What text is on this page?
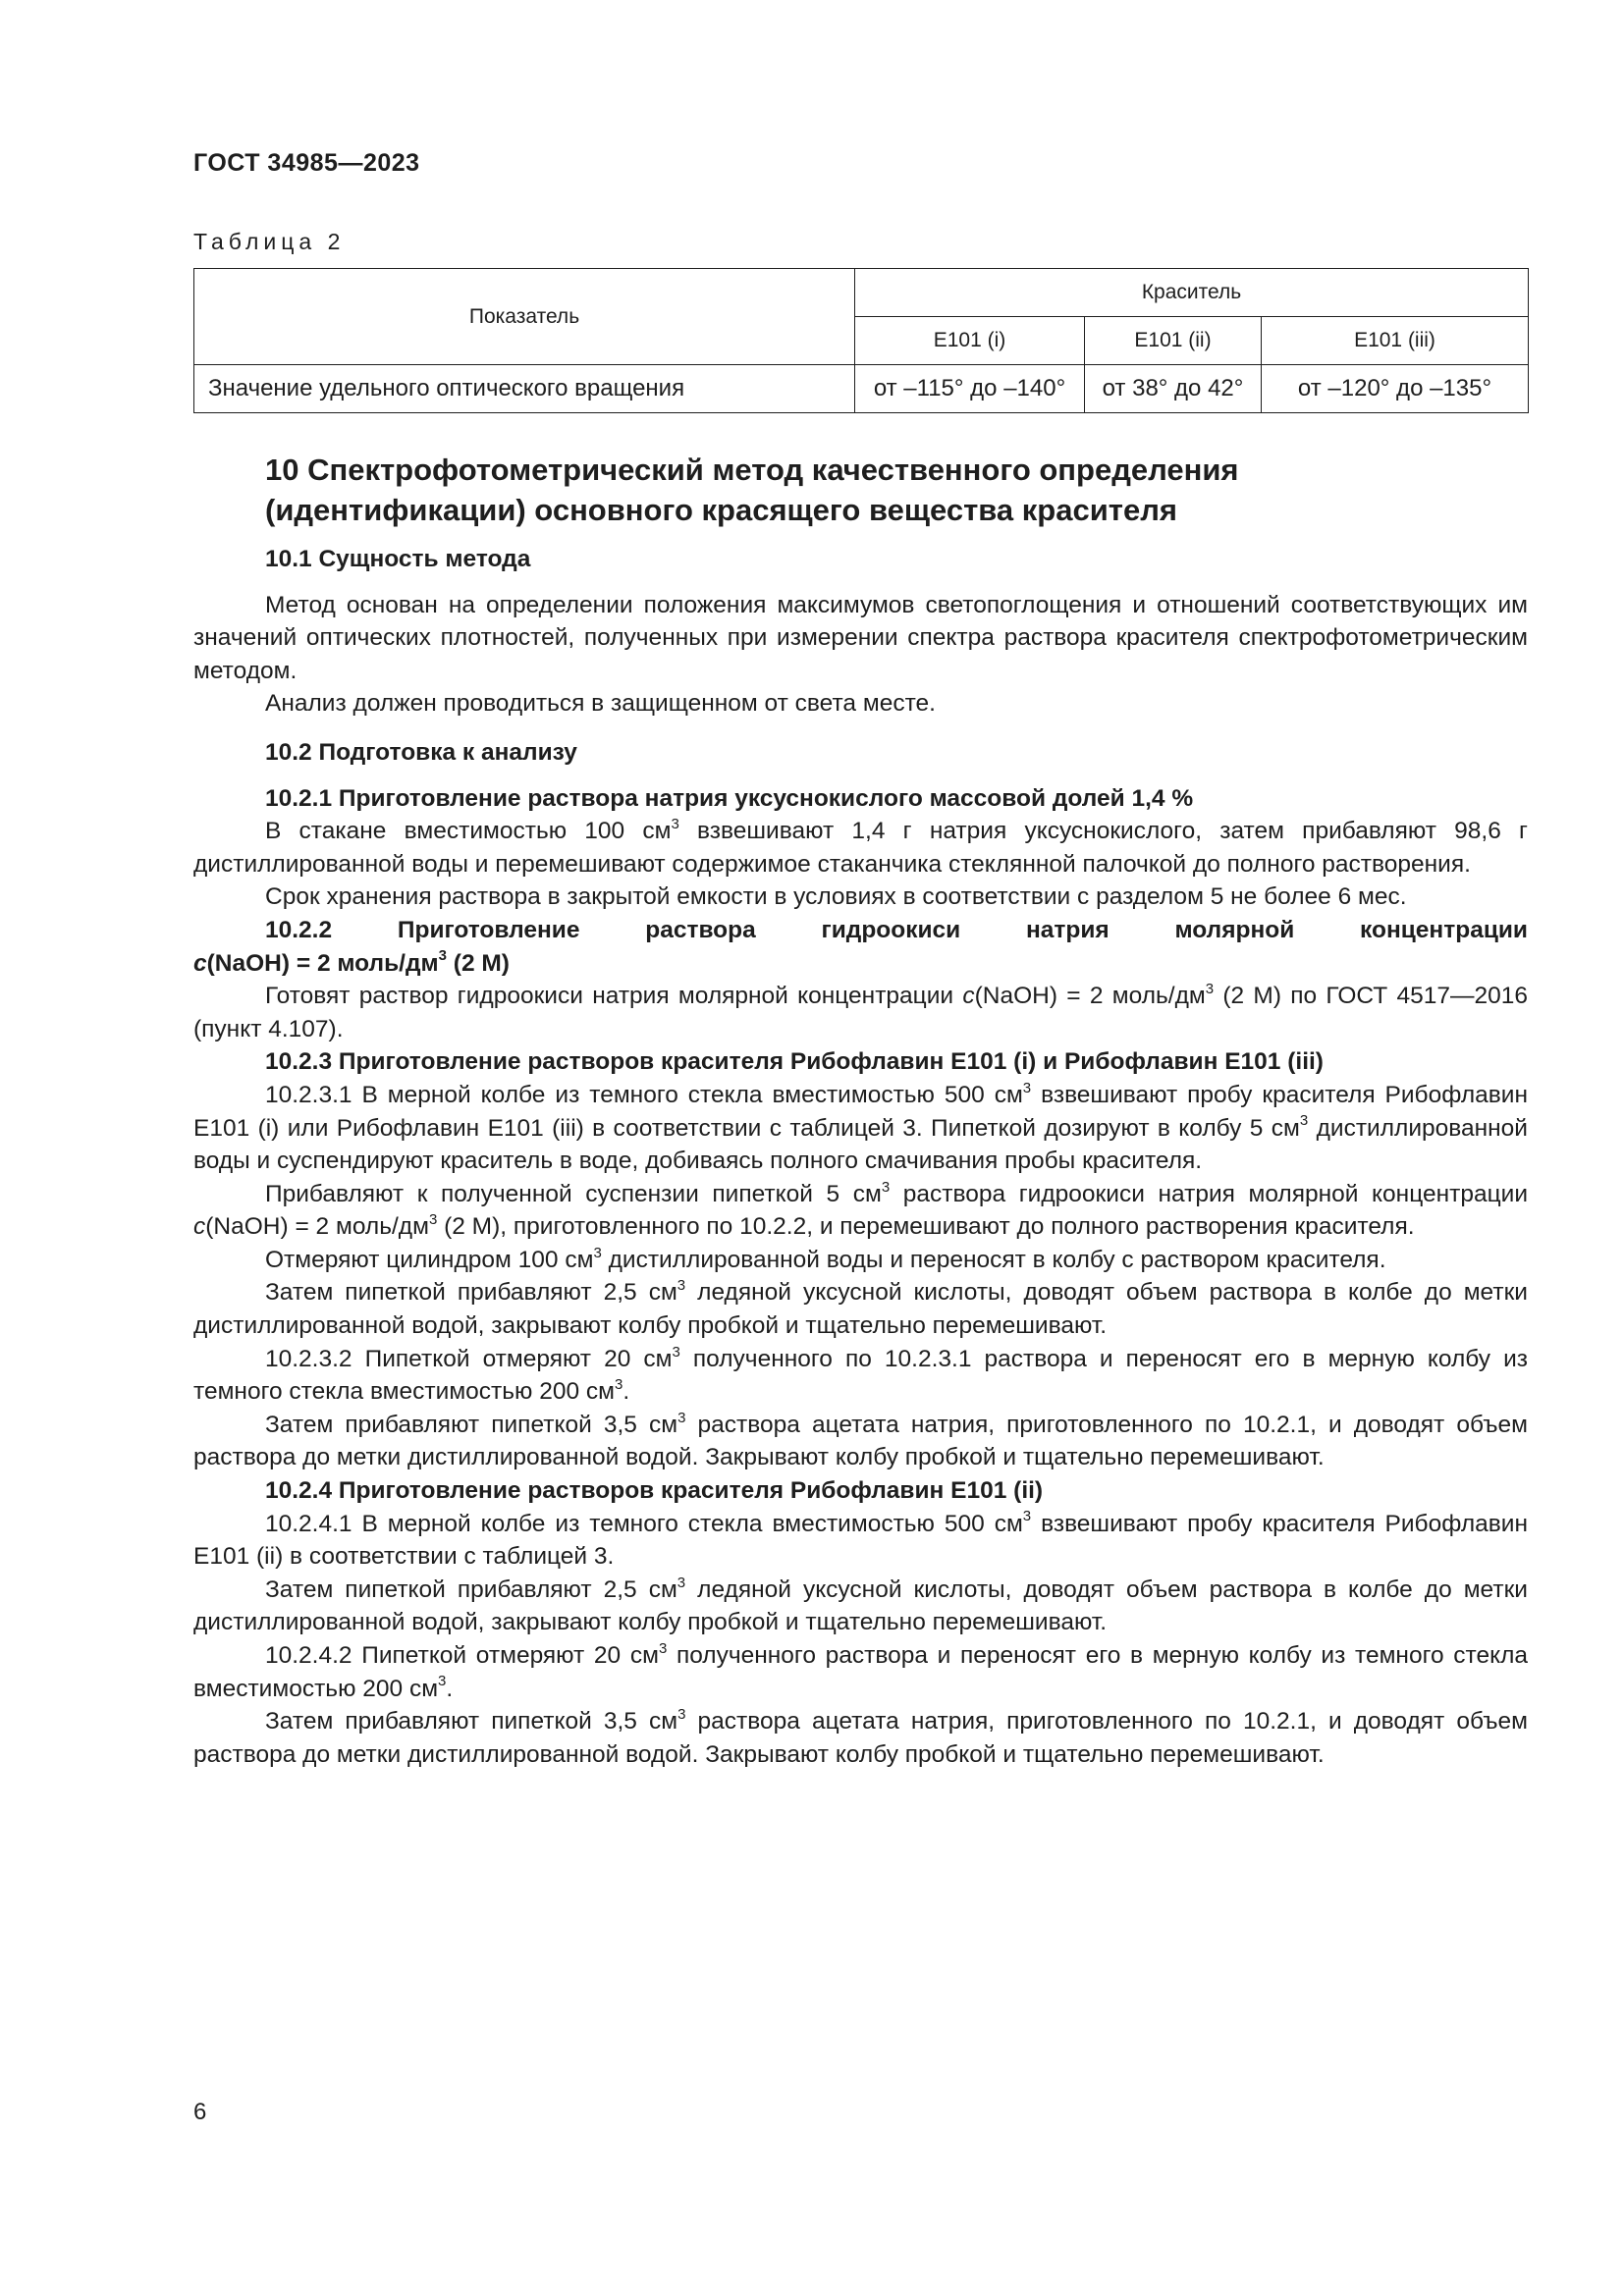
ГОСТ 34985—2023
Таблица 2
Показатель	Краситель		
	E101 (i)	E101 (ii)	E101 (iii)
Значение удельного оптического вращения	от –115° до –140°	от 38° до 42°	от –120° до –135°
10 Спектрофотометрический метод качественного определения
(идентификации) основного красящего вещества красителя
10.1 Сущность метода

Метод основан на определении положения максимумов светопоглощения и отношений соответствующих им значений оптических плотностей, полученных при измерении спектра раствора красителя спектрофотометрическим методом.

Анализ должен проводиться в защищенном от света месте.

10.2 Подготовка к анализу

10.2.1 Приготовление раствора натрия уксуснокислого массовой долей 1,4 %

В стакане вместимостью 100 $см^3$ взвешивают 1,4 г натрия уксуснокислого, затем прибавляют 98,6 г дистиллированной воды и перемешивают содержимое стаканчика стеклянной палочкой до полного растворения.

Срок хранения раствора в закрытой емкости в условиях в соответствии с разделом 5 не более 6 мес.

10.2.2 Приготовление раствора гидроокиси натрия молярной концентрации

c(NaOH) = 2 моль/$дм^3$ (2 М)

Готовят раствор гидроокиси натрия молярной концентрации c(NaOH) = 2 моль/$дм^3$ (2 М) по ГОСТ 4517—2016 (пункт 4.107).

10.2.3 Приготовление растворов красителя Рибофлавин E101 (i) и Рибофлавин E101 (iii)

10.2.3.1 В мерной колбе из темного стекла вместимостью 500 $см^3$ взвешивают пробу красителя Рибофлавин E101 (i) или Рибофлавин E101 (iii) в соответствии с таблицей 3. Пипеткой дозируют в колбу 5 $см^3$ дистиллированной воды и суспендируют краситель в воде, добиваясь полного смачивания пробы красителя.

Прибавляют к полученной суспензии пипеткой 5 $см^3$ раствора гидроокиси натрия молярной концентрации c(NaOH) = 2 моль/$дм^3$ (2 М), приготовленного по 10.2.2, и перемешивают до полного растворения красителя.

Отмеряют цилиндром 100 $см^3$ дистиллированной воды и переносят в колбу с раствором красителя.

Затем пипеткой прибавляют 2,5 $см^3$ ледяной уксусной кислоты, доводят объем раствора в колбе до метки дистиллированной водой, закрывают колбу пробкой и тщательно перемешивают.

10.2.3.2 Пипеткой отмеряют 20 $см^3$ полученного по 10.2.3.1 раствора и переносят его в мерную колбу из темного стекла вместимостью 200 $см^3$.

Затем прибавляют пипеткой 3,5 $см^3$ раствора ацетата натрия, приготовленного по 10.2.1, и доводят объем раствора до метки дистиллированной водой. Закрывают колбу пробкой и тщательно перемешивают.

10.2.4 Приготовление растворов красителя Рибофлавин E101 (ii)

10.2.4.1 В мерной колбе из темного стекла вместимостью 500 $см^3$ взвешивают пробу красителя Рибофлавин E101 (ii) в соответствии с таблицей 3.

Затем пипеткой прибавляют 2,5 $см^3$ ледяной уксусной кислоты, доводят объем раствора в колбе до метки дистиллированной водой, закрывают колбу пробкой и тщательно перемешивают.

10.2.4.2 Пипеткой отмеряют 20 $см^3$ полученного раствора и переносят его в мерную колбу из темного стекла вместимостью 200 $см^3$.

Затем прибавляют пипеткой 3,5 $см^3$ раствора ацетата натрия, приготовленного по 10.2.1, и доводят объем раствора до метки дистиллированной водой. Закрывают колбу пробкой и тщательно перемешивают.

6
